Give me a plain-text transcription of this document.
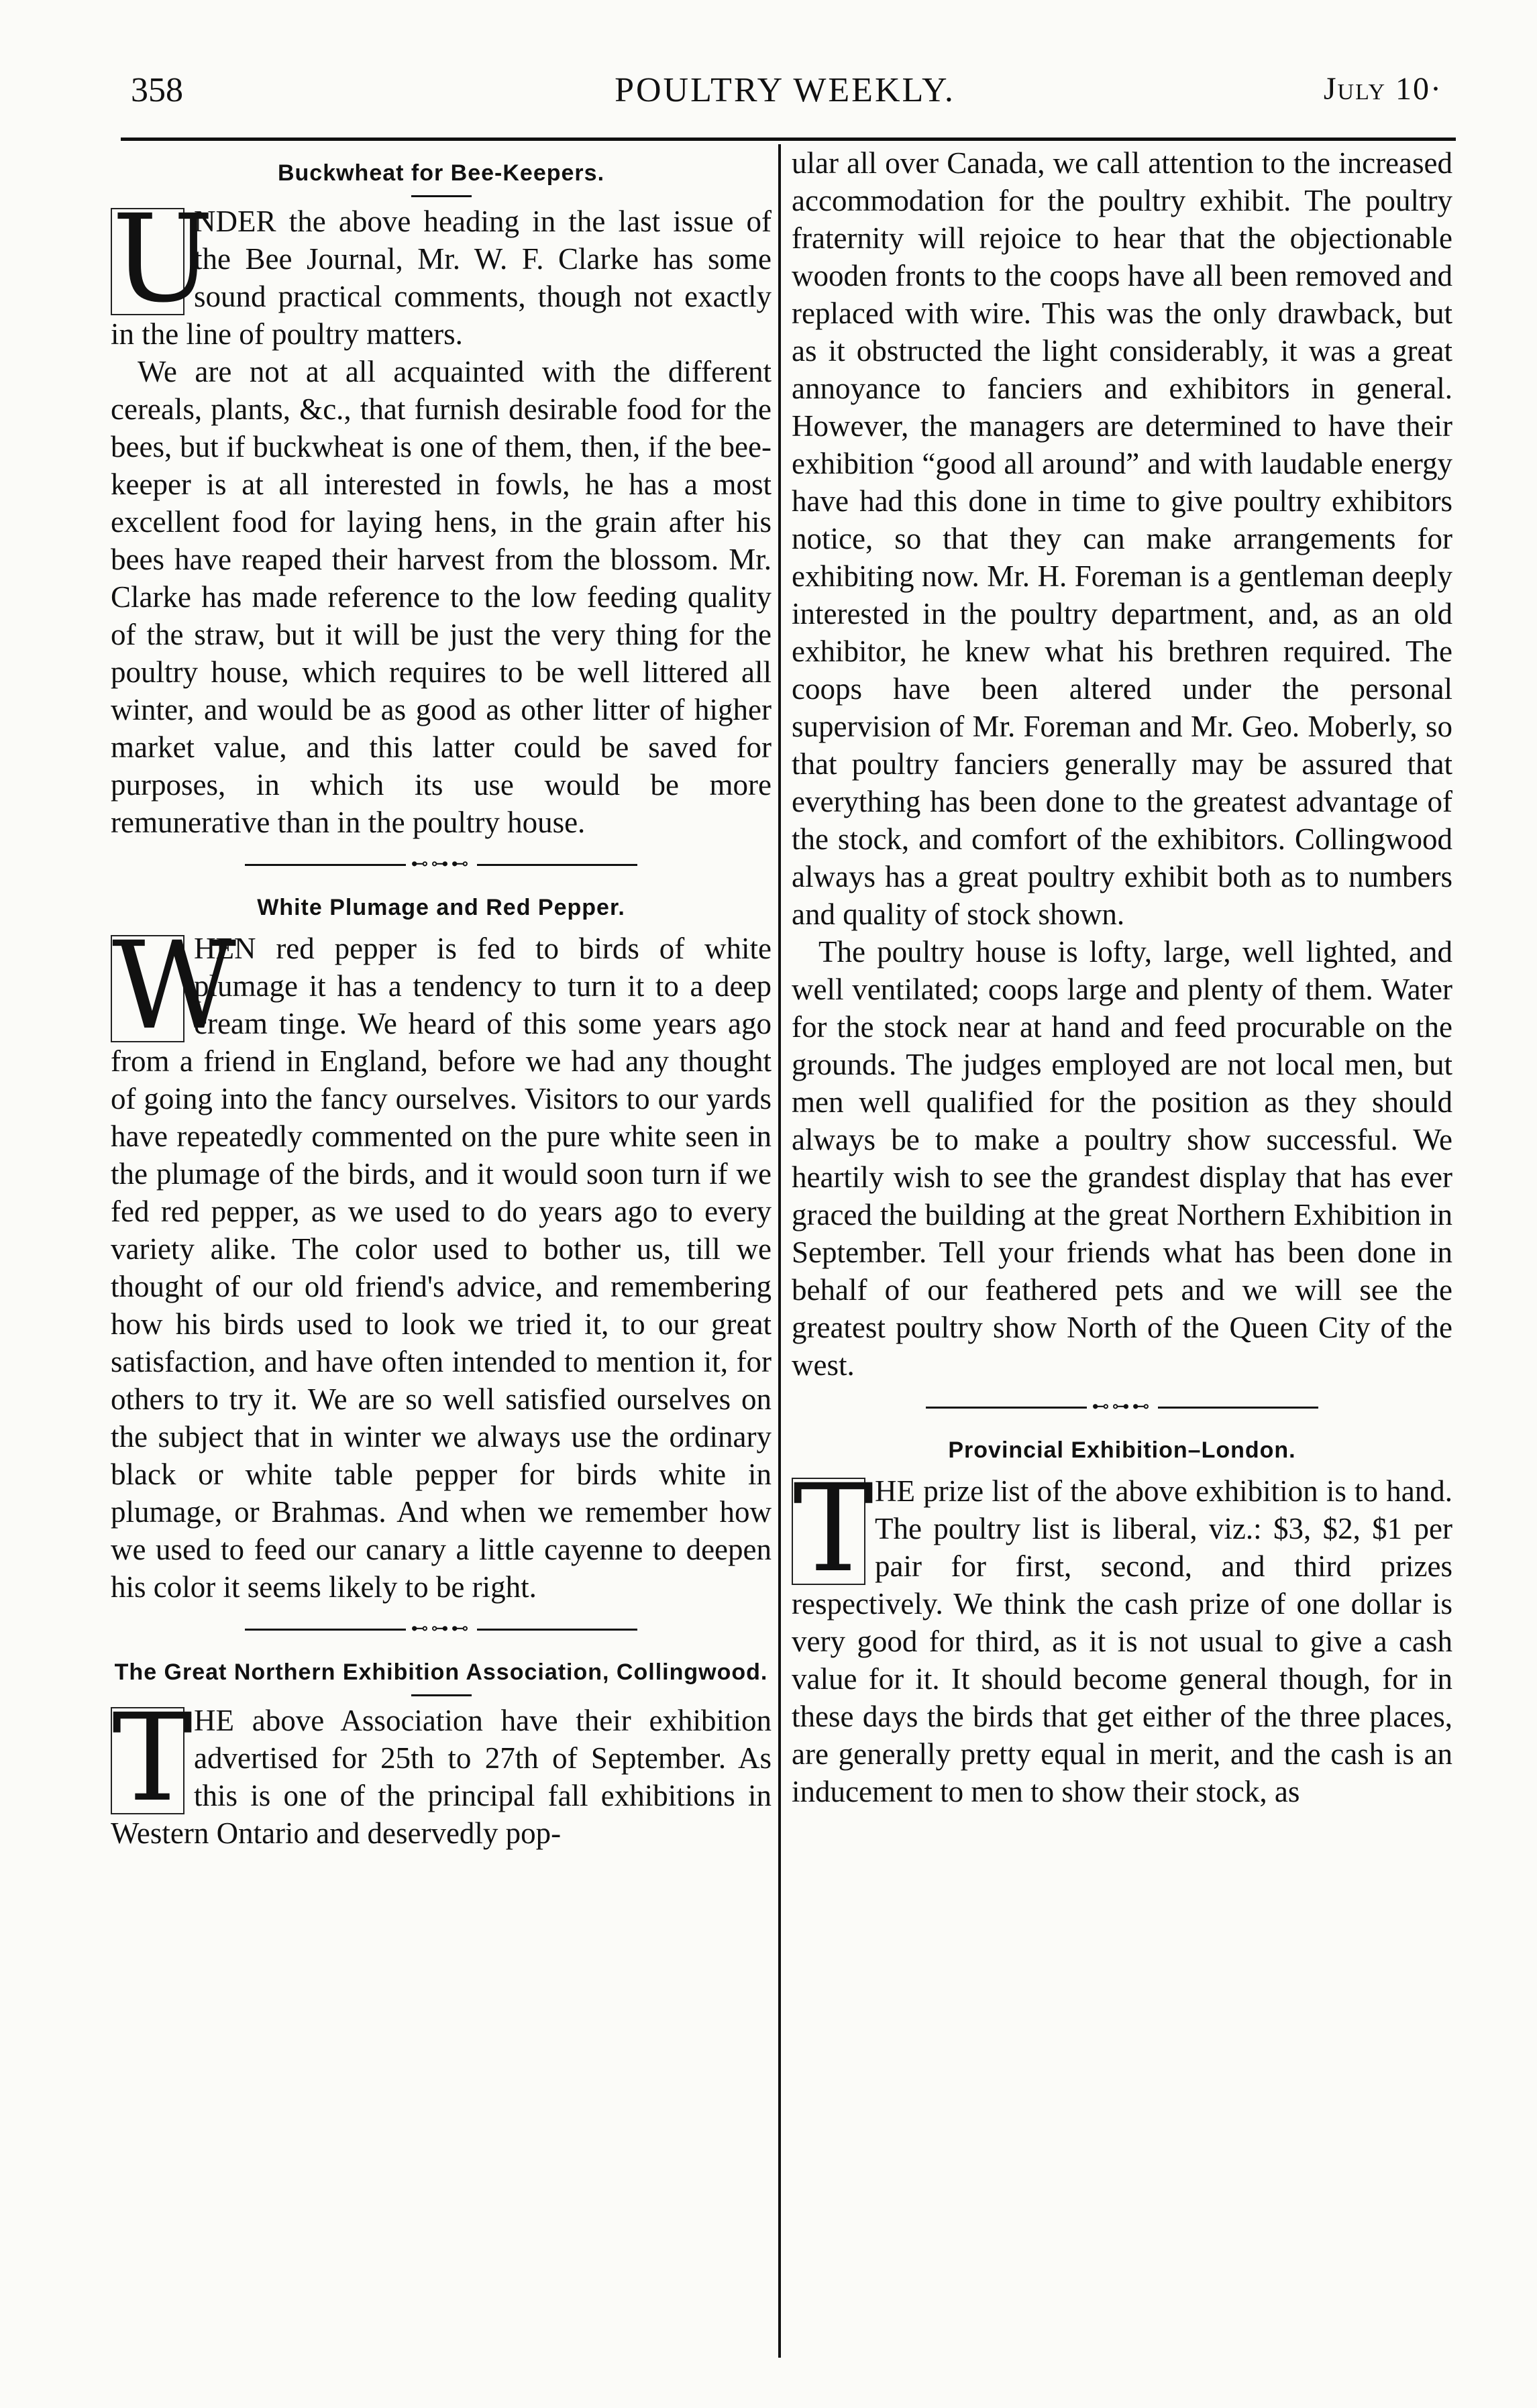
358	POULTRY WEEKLY.	July 10·
Buckwheat for Bee-Keepers.
U

NDER the above heading in the last issue of the Bee Journal, Mr. W. F. Clarke has some sound practical comments, though not exactly in the line of poultry matters.

We are not at all acquainted with the different cereals, plants, &c., that furnish desirable food for the bees, but if buckwheat is one of them, then, if the bee-keeper is at all interested in fowls, he has a most excellent food for laying hens, in the grain after his bees have reaped their harvest from the blossom. Mr. Clarke has made reference to the low feeding quality of the straw, but it will be just the very thing for the poultry house, which requires to be well littered all winter, and would be as good as other litter of higher market value, and this latter could be saved for purposes, in which its use would be more remunerative than in the poultry house.

⊷⊶⊷
White Plumage and Red Pepper.
W

HEN red pepper is fed to birds of white plumage it has a tendency to turn it to a deep cream tinge. We heard of this some years ago from a friend in England, before we had any thought of going into the fancy ourselves. Visitors to our yards have repeatedly commented on the pure white seen in the plumage of the birds, and it would soon turn if we fed red pepper, as we used to do years ago to every variety alike. The color used to bother us, till we thought of our old friend's advice, and remembering how his birds used to look we tried it, to our great satisfaction, and have often intended to mention it, for others to try it. We are so well satisfied ourselves on the subject that in winter we always use the ordinary black or white table pepper for birds white in plumage, or Brahmas. And when we remember how we used to feed our canary a little cayenne to deepen his color it seems likely to be right.

⊷⊶⊷
The Great Northern Exhibition Association, Collingwood.
T HE above Association have their exhibition advertised for 25th to 27th of September. As this is one of the principal fall exhibitions in Western Ontario and deservedly pop-

ular all over Canada, we call attention to the increased accommodation for the poultry exhibit. The poultry fraternity will rejoice to hear that the objectionable wooden fronts to the coops have all been removed and replaced with wire. This was the only drawback, but as it obstructed the light considerably, it was a great annoyance to fanciers and exhibitors in general. However, the managers are determined to have their exhibition “good all around” and with laudable energy have had this done in time to give poultry exhibitors notice, so that they can make arrangements for exhibiting now. Mr. H. Foreman is a gentleman deeply interested in the poultry department, and, as an old exhibitor, he knew what his brethren required. The coops have been altered under the personal supervision of Mr. Foreman and Mr. Geo. Moberly, so that poultry fanciers generally may be assured that everything has been done to the greatest advantage of the stock, and comfort of the exhibitors. Collingwood always has a great poultry exhibit both as to numbers and quality of stock shown.

The poultry house is lofty, large, well lighted, and well ventilated; coops large and plenty of them. Water for the stock near at hand and feed procurable on the grounds. The judges employed are not local men, but men well qualified for the position as they should always be to make a poultry show successful. We heartily wish to see the grandest display that has ever graced the building at the great Northern Exhibition in September. Tell your friends what has been done in behalf of our feathered pets and we will see the greatest poultry show North of the Queen City of the west.

⊷⊶⊷
Provincial Exhibition–London.
T HE prize list of the above exhibition is to hand. The poultry list is liberal, viz.: $3, $2, $1 per pair for first, second, and third prizes respectively. We think the cash prize of one dollar is very good for third, as it is not usual to give a cash value for it. It should become general though, for in these days the birds that get either of the three places, are generally pretty equal in merit, and the cash is an inducement to men to show their stock, as
